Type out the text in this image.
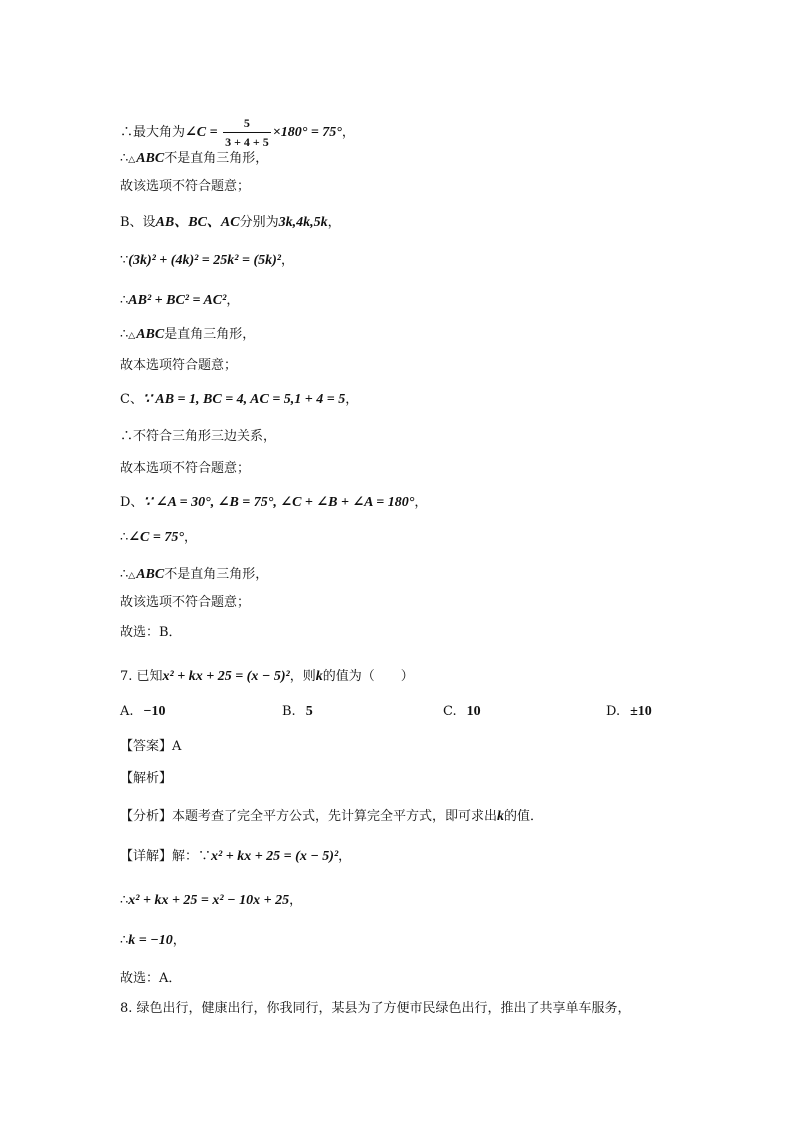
∴最大角为∠C = $\frac{5}{3 + 4 + 5} \times 180^\circ = 75^\circ$，
∴△ABC不是直角三角形，
故该选项不符合题意；
B、设AB、BC、AC分别为3k,4k,5k，
∵(3k)² + (4k)² = 25k² = (5k)²，
∴AB² + BC² = AC²，
∴△ABC是直角三角形，
故本选项符合题意；
C、∵ AB = 1, BC = 4, AC = 5,1 + 4 = 5，
∴不符合三角形三边关系，
故本选项不符合题意；
D、∵ ∠A = 30°, ∠B = 75°, ∠C + ∠B + ∠A = 180°，
∴∠C = 75°，
∴△ABC不是直角三角形，
故该选项不符合题意；
故选：B．
7. 已知x² + kx + 25 = (x − 5)²，则k的值为（　　）
【答案】A
【解析】
【分析】本题考查了完全平方公式，先计算完全平方式，即可求出k的值．
【详解】解：∵x² + kx + 25 = (x − 5)²，
∴x² + kx + 25 = x² − 10x + 25，
∴k = −10，
故选：A．
8. 绿色出行，健康出行，你我同行，某县为了方便市民绿色出行，推出了共享单车服务，
A. −10	B. 5	C. 10	D. ±10
